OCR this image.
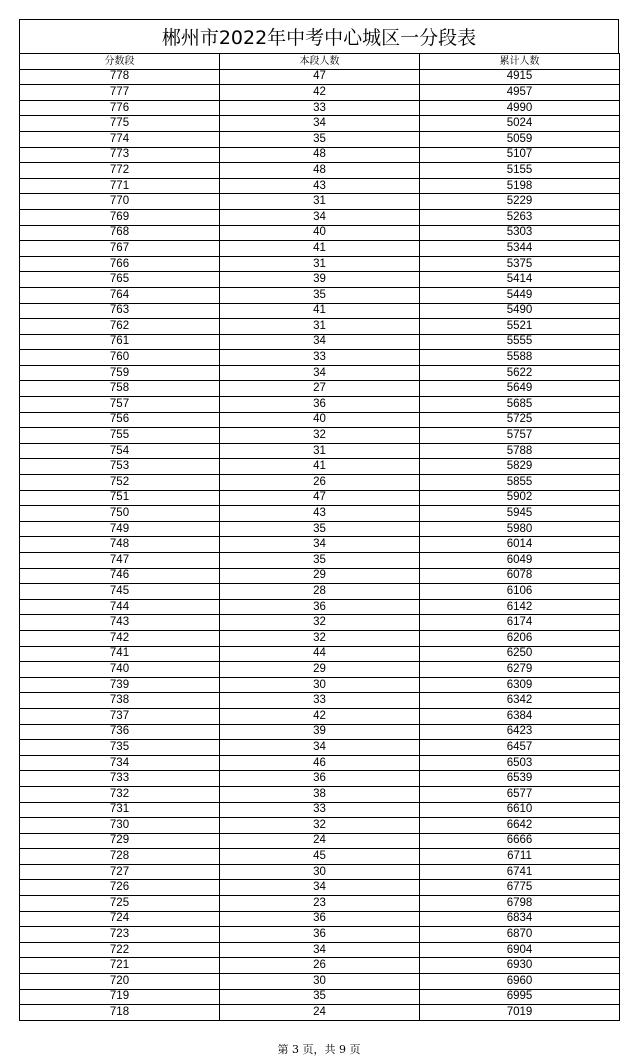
郴州市2022年中考中心城区一分段表
分数段	本段人数	累计人数
778	47	4915
777	42	4957
776	33	4990
775	34	5024
774	35	5059
773	48	5107
772	48	5155
771	43	5198
770	31	5229
769	34	5263
768	40	5303
767	41	5344
766	31	5375
765	39	5414
764	35	5449
763	41	5490
762	31	5521
761	34	5555
760	33	5588
759	34	5622
758	27	5649
757	36	5685
756	40	5725
755	32	5757
754	31	5788
753	41	5829
752	26	5855
751	47	5902
750	43	5945
749	35	5980
748	34	6014
747	35	6049
746	29	6078
745	28	6106
744	36	6142
743	32	6174
742	32	6206
741	44	6250
740	29	6279
739	30	6309
738	33	6342
737	42	6384
736	39	6423
735	34	6457
734	46	6503
733	36	6539
732	38	6577
731	33	6610
730	32	6642
729	24	6666
728	45	6711
727	30	6741
726	34	6775
725	23	6798
724	36	6834
723	36	6870
722	34	6904
721	26	6930
720	30	6960
719	35	6995
718	24	7019
第 3 页，共 9 页
